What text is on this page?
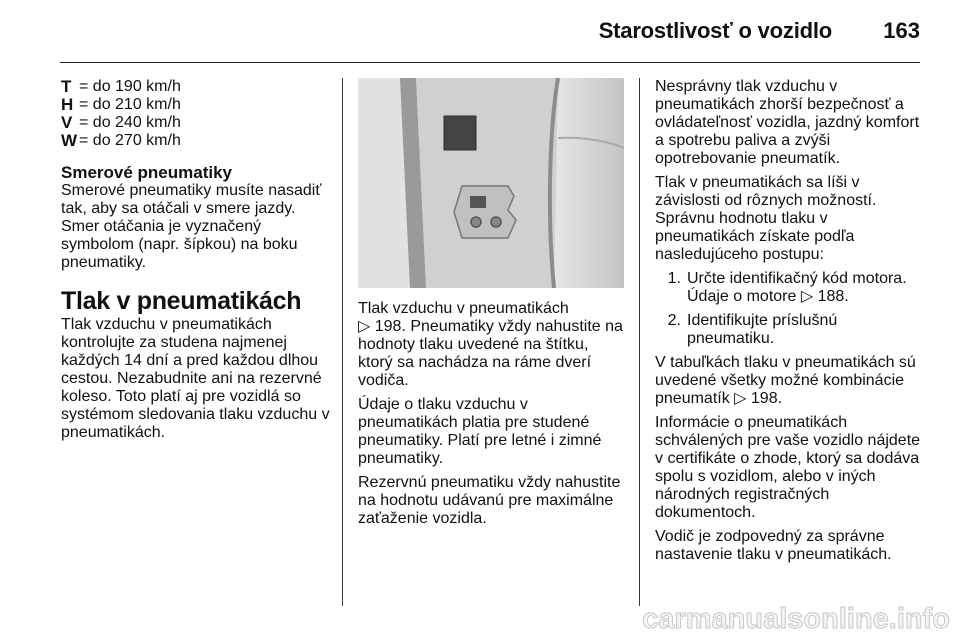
Starostlivosť o vozidlo 163
T = do 190 km/h
H = do 210 km/h
V = do 240 km/h
W = do 270 km/h
Smerové pneumatiky

Smerové pneumatiky musíte nasadiť tak, aby sa otáčali v smere jazdy. Smer otáčania je vyznačený symbolom (napr. šípkou) na boku pneumatiky.

Tlak v pneumatikách

Tlak vzduchu v pneumatikách kontrolujte za studena najmenej každých 14 dní a pred každou dlhou cestou. Nezabudnite ani na rezervné koleso. Toto platí aj pre vozidlá so systémom sledovania tlaku vzduchu v pneumatikách.

Tlak vzduchu v pneumatikách

▷ 198. Pneumatiky vždy nahustite na hodnoty tlaku uvedené na štítku, ktorý sa nachádza na ráme dverí vodiča.

Údaje o tlaku vzduchu v pneumatikách platia pre studené pneumatiky. Platí pre letné i zimné pneumatiky.

Rezervnú pneumatiku vždy nahustite na hodnotu udávanú pre maximálne zaťaženie vozidla.

Nesprávny tlak vzduchu v pneumatikách zhorší bezpečnosť a ovládateľnosť vozidla, jazdný komfort a spotrebu paliva a zvýši opotrebovanie pneumatík.

Tlak v pneumatikách sa líši v závislosti od rôznych možností. Správnu hodnotu tlaku v pneumatikách získate podľa nasledujúceho postupu:

1. Určte identifikačný kód motora. Údaje o motore ▷ 188.
2. Identifikujte príslušnú pneumatiku.

V tabuľkách tlaku v pneumatikách sú uvedené všetky možné kombinácie pneumatík ▷ 198.

Informácie o pneumatikách schválených pre vaše vozidlo nájdete v certifikáte o zhode, ktorý sa dodáva spolu s vozidlom, alebo v iných národných registračných dokumentoch.

Vodič je zodpovedný za správne nastavenie tlaku v pneumatikách.

carmanualsonline.info
